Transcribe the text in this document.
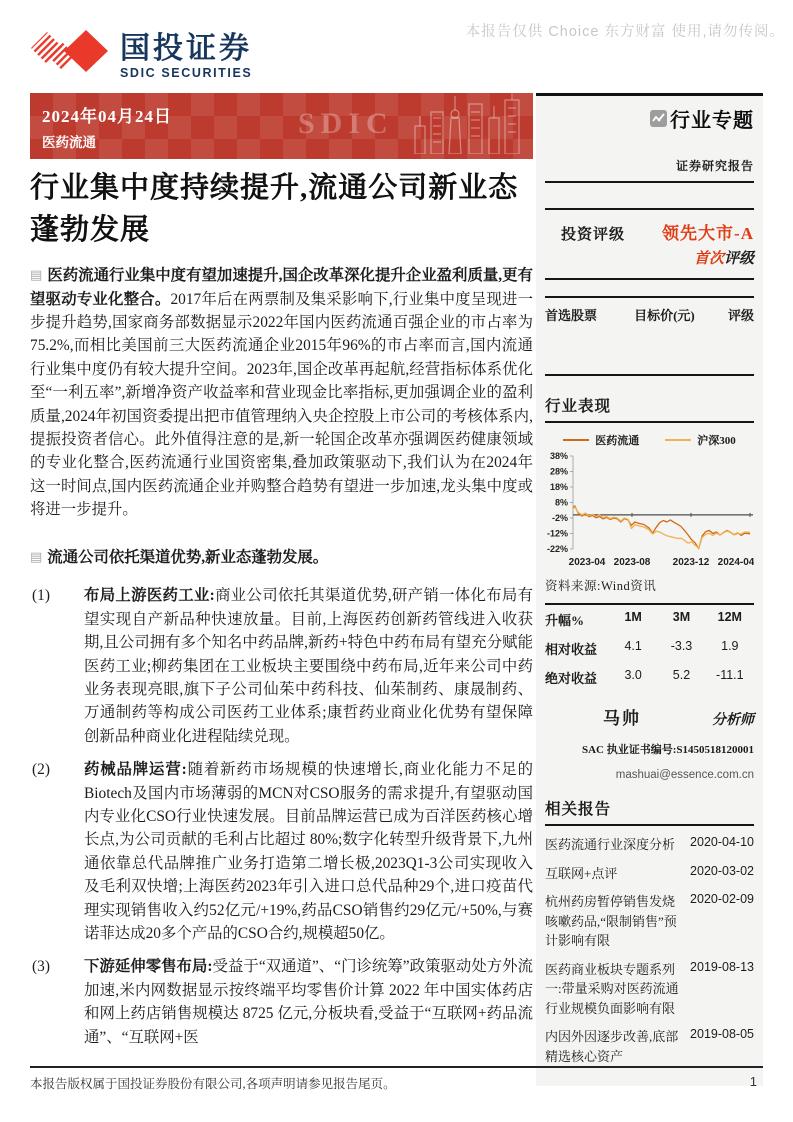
本报告仅供 Choice 东方财富 使用,请勿传阅。
国投证券
SDIC SECURITIES
2024年04月24日
医药流通
SDIC
行业集中度持续提升,流通公司新业态蓬勃发展

▤ 医药流通行业集中度有望加速提升,国企改革深化提升企业盈利质量,更有望驱动专业化整合。2017年后在两票制及集采影响下,行业集中度呈现进一步提升趋势,国家商务部数据显示2022年国内医药流通百强企业的市占率为 75.2%,而相比美国前三大医药流通企业2015年96%的市占率而言,国内流通行业集中度仍有较大提升空间。2023年,国企改革再起航,经营指标体系优化至“一利五率”,新增净资产收益率和营业现金比率指标,更加强调企业的盈利质量,2024年初国资委提出把市值管理纳入央企控股上市公司的考核体系内,提振投资者信心。此外值得注意的是,新一轮国企改革亦强调医药健康领域的专业化整合,医药流通行业国资密集,叠加政策驱动下,我们认为在2024年这一时间点,国内医药流通企业并购整合趋势有望进一步加速,龙头集中度或将进一步提升。

▤ 流通公司依托渠道优势,新业态蓬勃发展。

(1)	布局上游医药工业:商业公司依托其渠道优势,研产销一体化布局有望实现自产新品种快速放量。目前,上海医药创新药管线进入收获期,且公司拥有多个知名中药品牌,新药+特色中药布局有望充分赋能医药工业;柳药集团在工业板块主要围绕中药布局,近年来公司中药业务表现亮眼,旗下子公司仙茱中药科技、仙茱制药、康晟制药、万通制药等构成公司医药工业体系;康哲药业商业化优势有望保障创新品种商业化进程陆续兑现。
(2)	药械品牌运营:随着新药市场规模的快速增长,商业化能力不足的Biotech及国内市场薄弱的MCN对CSO服务的需求提升,有望驱动国内专业化CSO行业快速发展。目前品牌运营已成为百洋医药核心增长点,为公司贡献的毛利占比超过 80%;数字化转型升级背景下,九州通依靠总代品牌推广业务打造第二增长极,2023Q1-3公司实现收入及毛利双快增;上海医药2023年引入进口总代品种29个,进口疫苗代理实现销售收入约52亿元/+19%,药品CSO销售约29亿元/+50%,与赛诺菲达成20多个产品的CSO合约,规模超50亿。
(3)	下游延伸零售布局:受益于“双通道”、“门诊统筹”政策驱动处方外流加速,米内网数据显示按终端平均零售价计算 2022 年中国实体药店和网上药店销售规模达 8725 亿元,分板块看,受益于“互联网+药品流通”、“互联网+医
行业专题
证券研究报告
投资评级 领先大市-A
首次评级
首选股票	目标价(元)	评级
行业表现
医药流通	沪深300
38%
28%
18%
8%
-2%
-12%
-22%
2023-04 2023-08 2023-12 2024-04
资料来源:Wind资讯
升幅%	1M	3M	12M
相对收益	4.1	-3.3	1.9
绝对收益	3.0	5.2	-11.1
马帅	分析师
SAC 执业证书编号:S1450518120001
mashuai@essence.com.cn
相关报告
医药流通行业深度分析	2020-04-10
互联网+点评	2020-03-02
杭州药房暂停销售发烧咳嗽药品,“限制销售”预计影响有限
2020-02-09
医药商业板块专题系列一:带量采购对医药流通行业规模负面影响有限
2019-08-13
内因外因逐步改善,底部精选核心资产
2019-08-05
本报告版权属于国投证券股份有限公司,各项声明请参见报告尾页。	1
